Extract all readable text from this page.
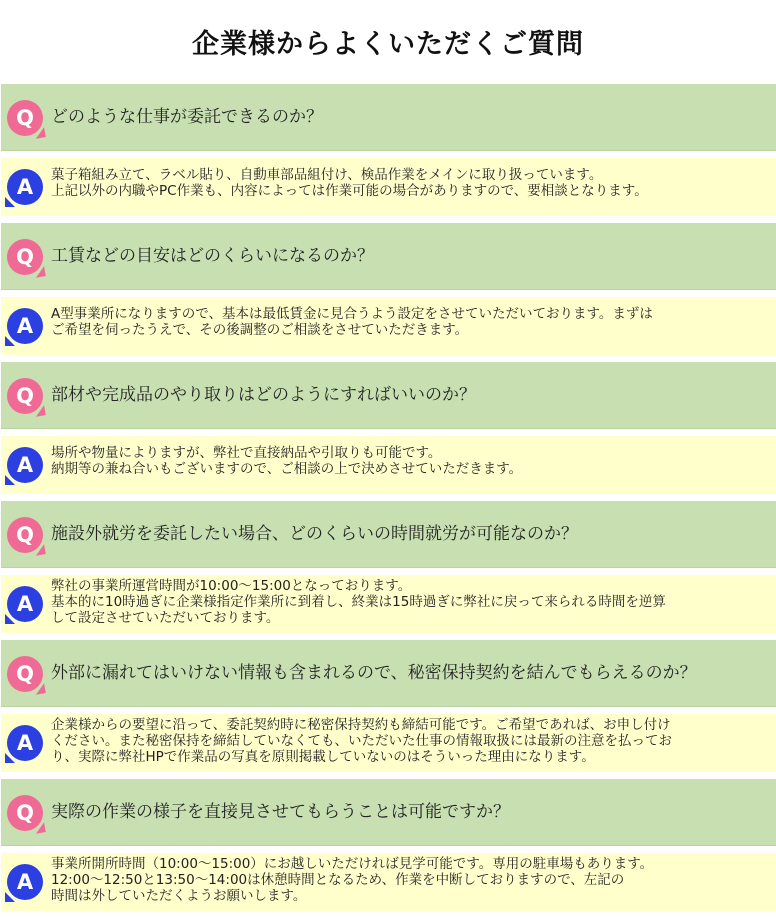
企業様からよくいただくご質問
Q	どのような仕事が委託できるのか？
A	菓子箱組み立て、ラベル貼り、自動車部品組付け、検品作業をメインに取り扱っています。
上記以外の内職やPC作業も、内容によっては作業可能の場合がありますので、要相談となります。
Q	工賃などの目安はどのくらいになるのか？
A	A型事業所になりますので、基本は最低賃金に見合うよう設定をさせていただいております。まずは
ご希望を伺ったうえで、その後調整のご相談をさせていただきます。
Q	部材や完成品のやり取りはどのようにすればいいのか？
A	場所や物量によりますが、弊社で直接納品や引取りも可能です。
納期等の兼ね合いもございますので、ご相談の上で決めさせていただきます。
Q	施設外就労を委託したい場合、どのくらいの時間就労が可能なのか？
A
弊社の事業所運営時間が10:00～15:00となっております。
基本的に10時過ぎに企業様指定作業所に到着し、終業は15時過ぎに弊社に戻って来られる時間を逆算
して設定させていただいております。
Q	外部に漏れてはいけない情報も含まれるので、秘密保持契約を結んでもらえるのか？
A
企業様からの要望に沿って、委託契約時に秘密保持契約も締結可能です。ご希望であれば、お申し付け
ください。また秘密保持を締結していなくても、いただいた仕事の情報取扱には最新の注意を払ってお
り、実際に弊社HPで作業品の写真を原則掲載していないのはそういった理由になります。
Q	実際の作業の様子を直接見させてもらうことは可能ですか？
A
事業所開所時間（10:00～15:00）にお越しいただければ見学可能です。専用の駐車場もあります。
12:00～12:50と13:50～14:00は休憩時間となるため、作業を中断しておりますので、左記の
時間は外していただくようお願いします。
